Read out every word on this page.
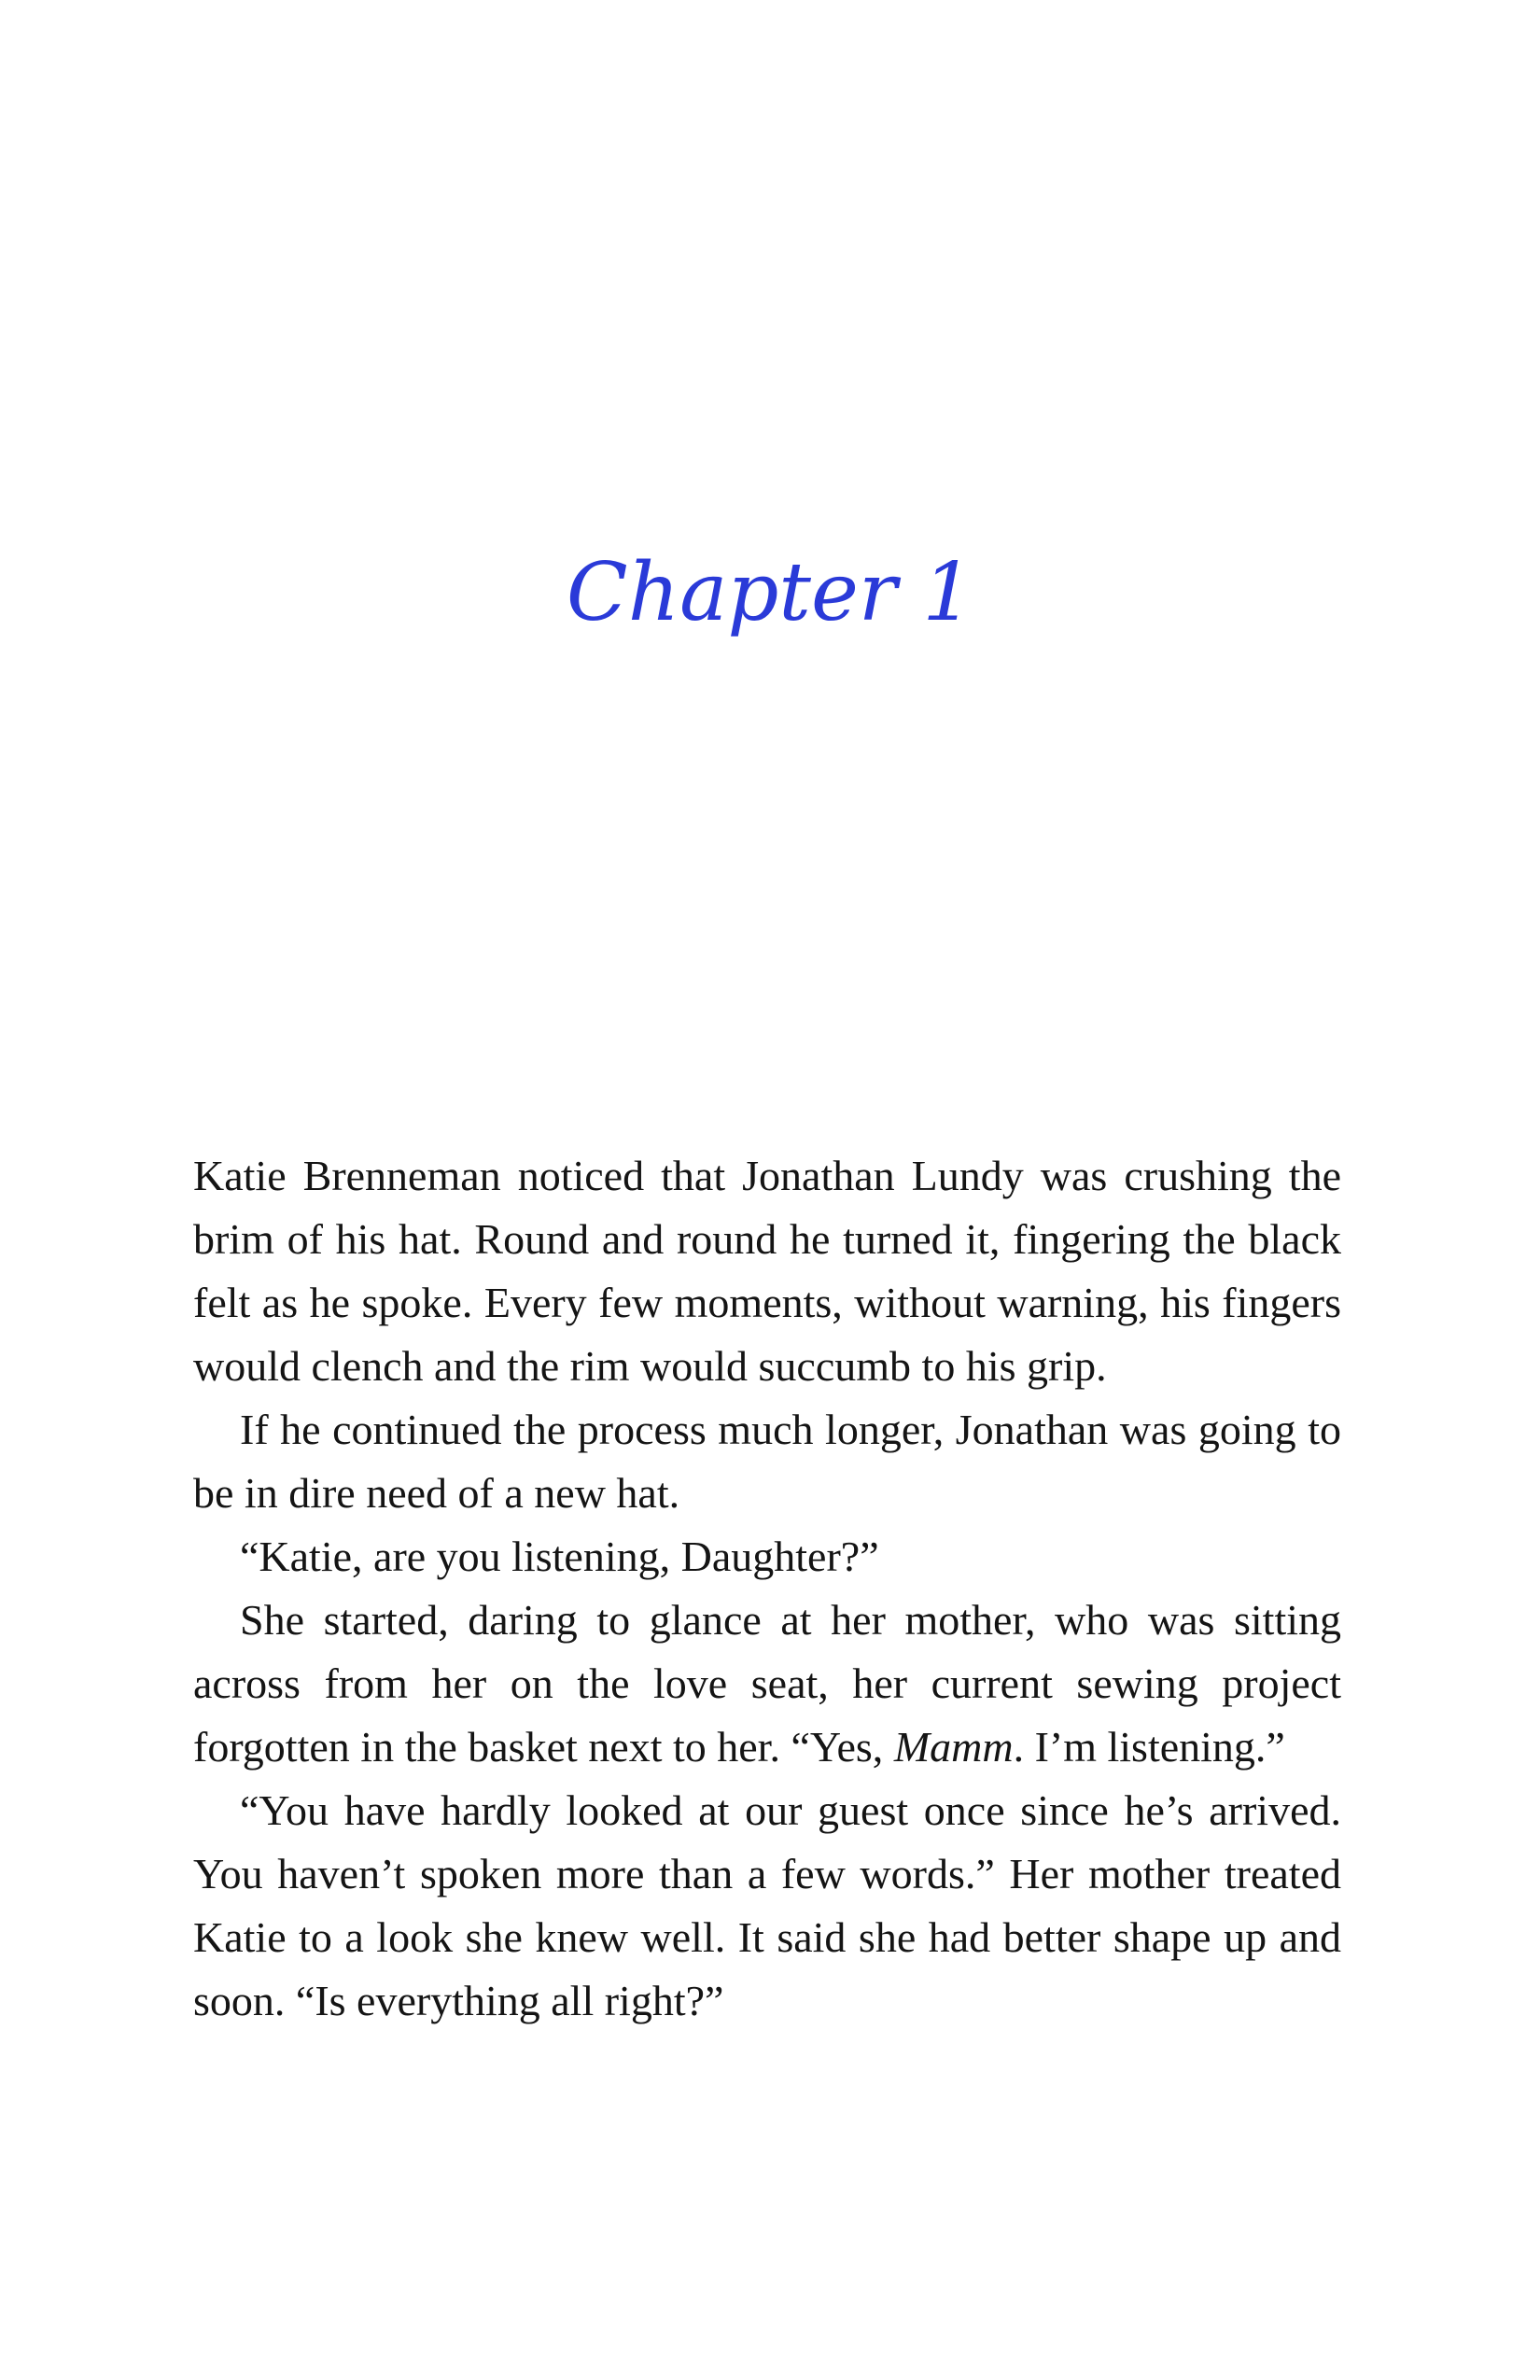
Chapter 1

Katie Brenneman noticed that Jonathan Lundy was crushing the brim of his hat. Round and round he turned it, fingering the black felt as he spoke. Every few moments, without warning, his fingers would clench and the rim would succumb to his grip.

If he continued the process much longer, Jonathan was going to be in dire need of a new hat.

“Katie, are you listening, Daughter?”

She started, daring to glance at her mother, who was sitting across from her on the love seat, her current sewing project forgotten in the basket next to her. “Yes, Mamm. I’m listening.”

“You have hardly looked at our guest once since he’s arrived. You haven’t spoken more than a few words.” Her mother treated Katie to a look she knew well. It said she had better shape up and soon. “Is everything all right?”
